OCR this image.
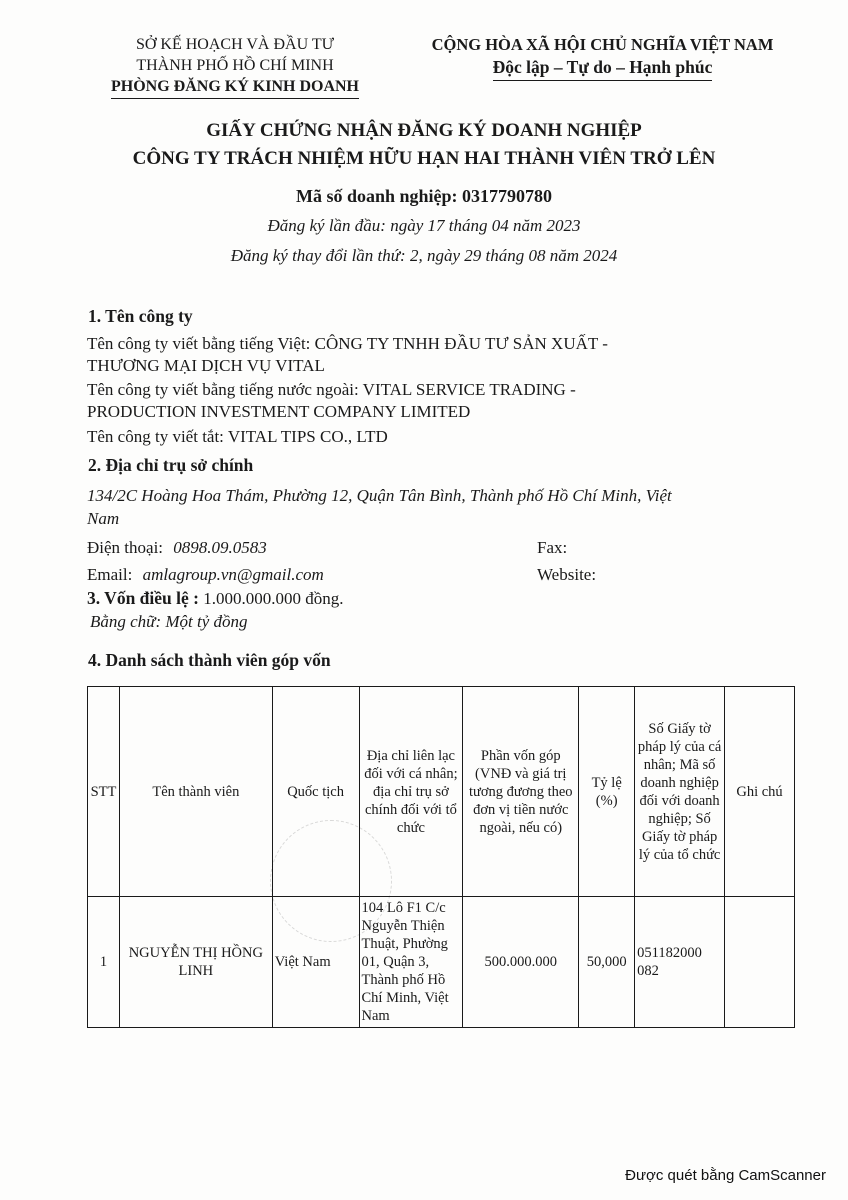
SỞ KẾ HOẠCH VÀ ĐẦU TƯ
THÀNH PHỐ HỒ CHÍ MINH
PHÒNG ĐĂNG KÝ KINH DOANH
CỘNG HÒA XÃ HỘI CHỦ NGHĨA VIỆT NAM
Độc lập – Tự do – Hạnh phúc
GIẤY CHỨNG NHẬN ĐĂNG KÝ DOANH NGHIỆP
CÔNG TY TRÁCH NHIỆM HỮU HẠN HAI THÀNH VIÊN TRỞ LÊN
Mã số doanh nghiệp: 0317790780
Đăng ký lần đầu: ngày 17 tháng 04 năm 2023
Đăng ký thay đổi lần thứ: 2, ngày 29 tháng 08 năm 2024
1. Tên công ty
Tên công ty viết bằng tiếng Việt: CÔNG TY TNHH ĐẦU TƯ SẢN XUẤT -
THƯƠNG MẠI DỊCH VỤ VITAL
Tên công ty viết bằng tiếng nước ngoài: VITAL SERVICE TRADING -
PRODUCTION INVESTMENT COMPANY LIMITED
Tên công ty viết tắt: VITAL TIPS CO., LTD
2. Địa chỉ trụ sở chính
134/2C Hoàng Hoa Thám, Phường 12, Quận Tân Bình, Thành phố Hồ Chí Minh, Việt
Nam
Điện thoại: 0898.09.0583	Fax:
Email: amlagroup.vn@gmail.com	Website:
3. Vốn điều lệ : 1.000.000.000 đồng.
Bằng chữ: Một tỷ đồng
4. Danh sách thành viên góp vốn
STT	Tên thành viên	Quốc tịch	Địa chỉ liên lạc đối với cá nhân; địa chỉ trụ sở chính đối với tổ chức	Phần vốn góp (VNĐ và giá trị tương đương theo đơn vị tiền nước ngoài, nếu có)	Tỷ lệ (%)	Số Giấy tờ pháp lý của cá nhân; Mã số doanh nghiệp đối với doanh nghiệp; Số Giấy tờ pháp lý của tổ chức	Ghi chú
1	NGUYỄN THỊ HỒNG LINH	Việt Nam	104 Lô F1 C/c Nguyễn Thiện Thuật, Phường 01, Quận 3, Thành phố Hồ Chí Minh, Việt Nam	500.000.000	50,000	051182000 082	
Được quét bằng CamScanner
